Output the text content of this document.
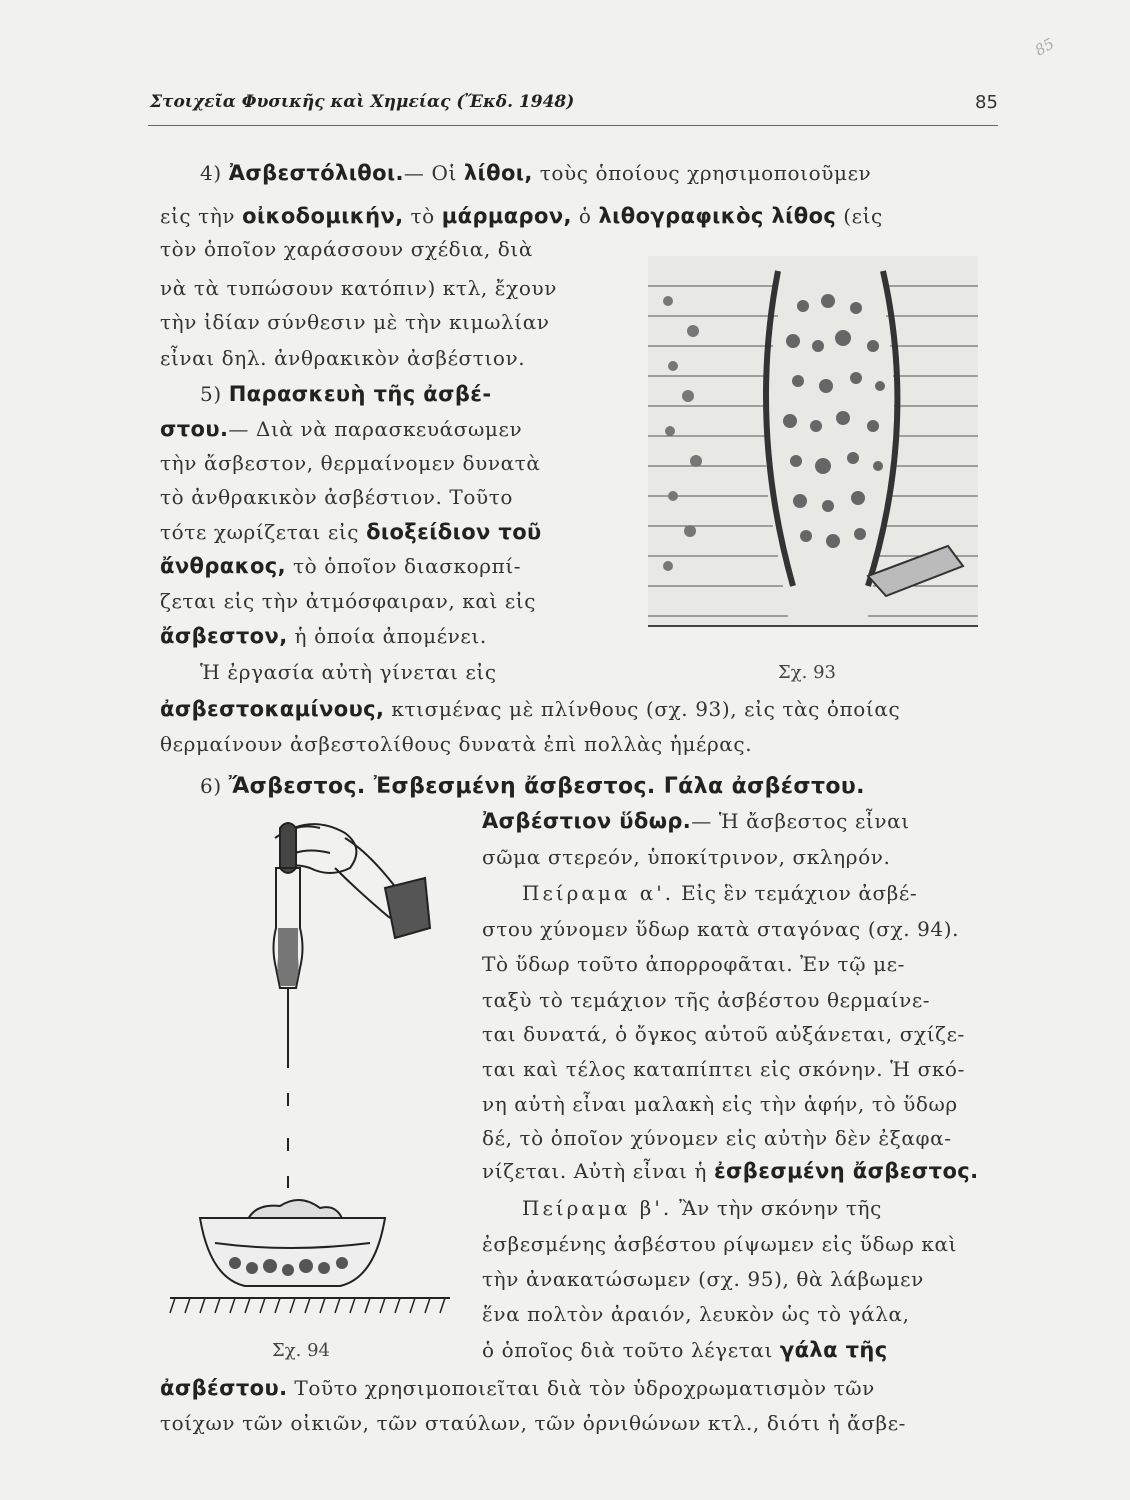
85
Στοιχεῖα Φυσικῆς καὶ Χημείας (Ἔκδ. 1948)	85
4) Ἀσβεστόλιθοι.— Οἱ λίθοι, τοὺς ὁποίους χρησιμοποιοῦμεν
εἰς τὴν οἰκοδομικήν, τὸ μάρμαρον, ὁ λιθογραφικὸς λίθος (εἰς
τὸν ὁποῖον χαράσσουν σχέδια, διὰ
νὰ τὰ τυπώσουν κατόπιν) κτλ, ἔχουν
τὴν ἰδίαν σύνθεσιν μὲ τὴν κιμωλίαν
εἶναι δηλ. ἀνθρακικὸν ἀσβέστιον.
5) Παρασκευὴ τῆς ἀσβέ-
στου.— Διὰ νὰ παρασκευάσωμεν
τὴν ἄσβεστον, θερμαίνομεν δυνατὰ
τὸ ἀνθρακικὸν ἀσβέστιον. Τοῦτο
τότε χωρίζεται εἰς διοξείδιον τοῦ
ἄνθρακος, τὸ ὁποῖον διασκορπί-
ζεται εἰς τὴν ἀτμόσφαιραν, καὶ εἰς
ἄσβεστον, ἡ ὁποία ἀπομένει.
Ἡ ἐργασία αὐτὴ γίνεται εἰς
ἀσβεστοκαμίνους, κτισμένας μὲ πλίνθους (σχ. 93), εἰς τὰς ὁποίας
θερμαίνουν ἀσβεστολίθους δυνατὰ ἐπὶ πολλὰς ἡμέρας.
Σχ. 93
6) Ἄσβεστος. Ἐσβεσμένη ἄσβεστος. Γάλα ἀσβέστου.
Ἀσβέστιον ὕδωρ.— Ἡ ἄσβεστος εἶναι
σῶμα στερεόν, ὑποκίτρινον, σκληρόν.
Πείραμα α'. Εἰς ἓν τεμάχιον ἀσβέ-
στου χύνομεν ὕδωρ κατὰ σταγόνας (σχ. 94).
Τὸ ὕδωρ τοῦτο ἀπορροφᾶται. Ἐν τῷ με-
ταξὺ τὸ τεμάχιον τῆς ἀσβέστου θερμαίνε-
ται δυνατά, ὁ ὄγκος αὐτοῦ αὐξάνεται, σχίζε-
ται καὶ τέλος καταπίπτει εἰς σκόνην. Ἡ σκό-
νη αὐτὴ εἶναι μαλακὴ εἰς τὴν ἁφήν, τὸ ὕδωρ
δέ, τὸ ὁποῖον χύνομεν εἰς αὐτὴν δὲν ἐξαφα-
νίζεται. Αὐτὴ εἶναι ἡ ἐσβεσμένη ἄσβεστος.
Πείραμα β'. Ἂν τὴν σκόνην τῆς
ἐσβεσμένης ἀσβέστου ρίψωμεν εἰς ὕδωρ καὶ
τὴν ἀνακατώσωμεν (σχ. 95), θὰ λάβωμεν
ἕνα πολτὸν ἀραιόν, λευκὸν ὡς τὸ γάλα,
ὁ ὁποῖος διὰ τοῦτο λέγεται γάλα τῆς
ἀσβέστου. Τοῦτο χρησιμοποιεῖται διὰ τὸν ὑδροχρωματισμὸν τῶν
τοίχων τῶν οἰκιῶν, τῶν σταύλων, τῶν ὀρνιθώνων κτλ., διότι ἡ ἄσβε-
Σχ. 94
